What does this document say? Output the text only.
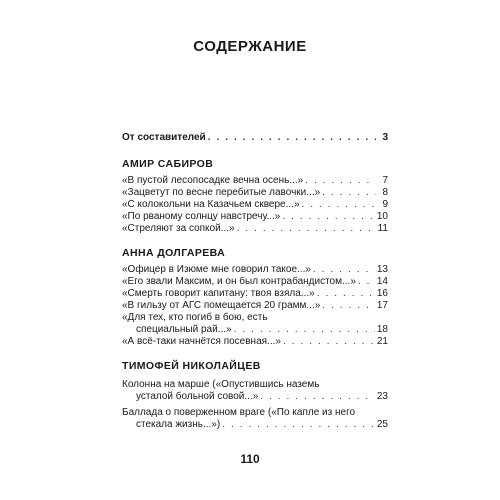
СОДЕРЖАНИЕ
От составителей . . .	3
АМИР САБИРОВ
«В пустой лесопосадке вечна осень...» . . .	7
«Зацветут по весне перебитые лавочки...» . . .	8
«С колокольни на Казачьем сквере...» . . .	9
«По рваному солнцу навстречу...» . . .	10
«Стреляют за сопкой...» . . .	11
АННА ДОЛГАРЕВА
«Офицер в Изюме мне говорил такое...» . . .	13
«Его звали Максим, и он был контрабандистом...» . . . 14
«Смерть говорит капитану: твоя взяла...» . . .	16
«В гильзу от АГС помещается 20 грамм...» . . .	17
«Для тех, кто погиб в бою, есть
специальный рай...» . . .	18
«А всё-таки начнётся посевная...» . . .	21
ТИМОФЕЙ НИКОЛАЙЦЕВ
Колонна на марше («Опустившись наземь
усталой больной совой...» . . .	23
Баллада о поверженном враге («По капле из него
стекала жизнь...») . . .	25
110
